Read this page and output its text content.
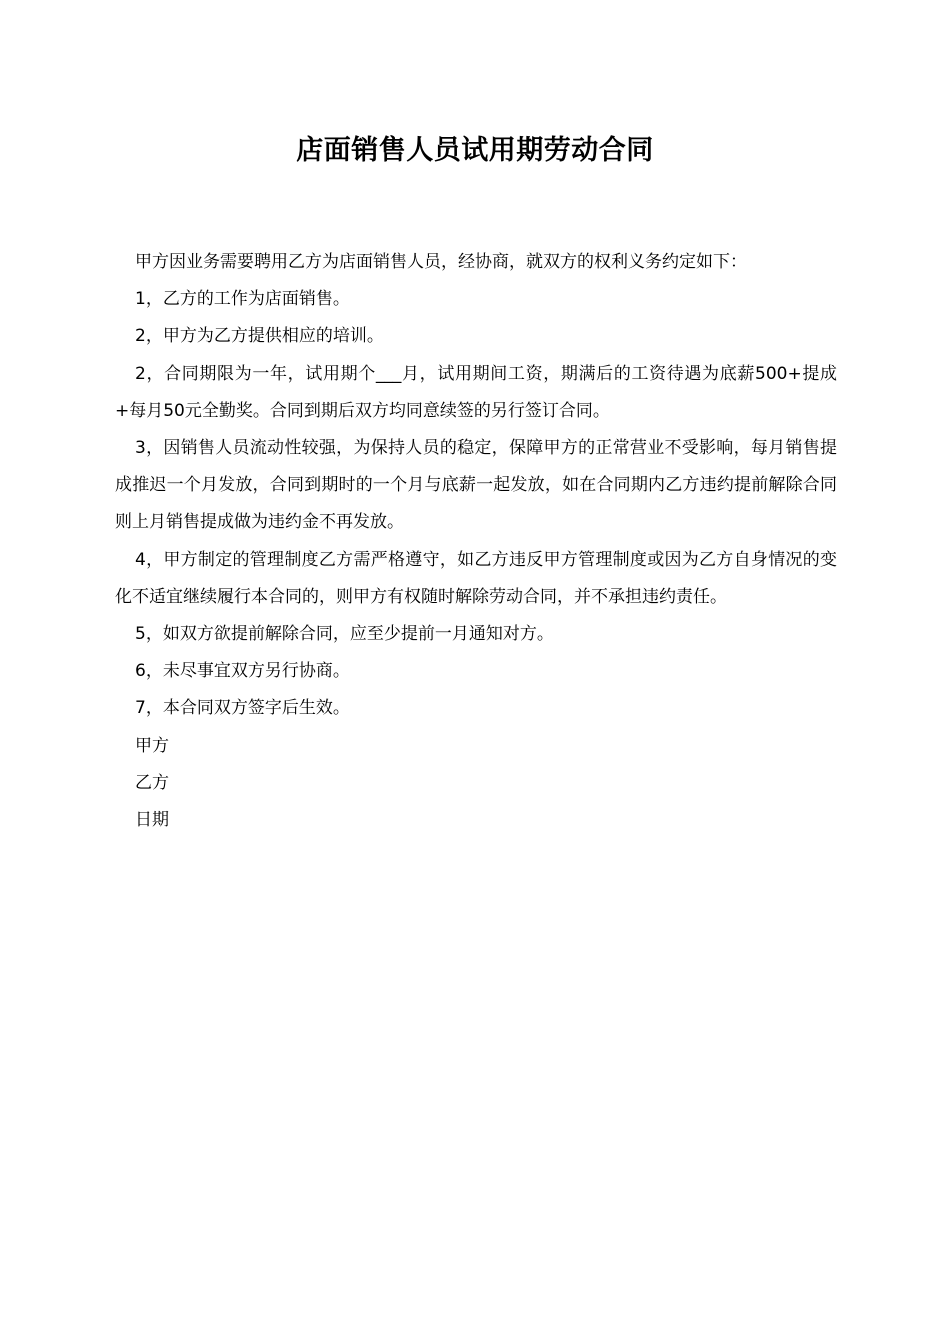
店面销售人员试用期劳动合同

甲方因业务需要聘用乙方为店面销售人员，经协商，就双方的权利义务约定如下：

1，乙方的工作为店面销售。

2，甲方为乙方提供相应的培训。

2，合同期限为一年，试用期个___月，试用期间工资，期满后的工资待遇为底薪500+提成+每月50元全勤奖。合同到期后双方均同意续签的另行签订合同。

3，因销售人员流动性较强，为保持人员的稳定，保障甲方的正常营业不受影响，每月销售提成推迟一个月发放，合同到期时的一个月与底薪一起发放，如在合同期内乙方违约提前解除合同则上月销售提成做为违约金不再发放。

4，甲方制定的管理制度乙方需严格遵守，如乙方违反甲方管理制度或因为乙方自身情况的变化不适宜继续履行本合同的，则甲方有权随时解除劳动合同，并不承担违约责任。

5，如双方欲提前解除合同，应至少提前一月通知对方。

6，未尽事宜双方另行协商。

7，本合同双方签字后生效。

甲方

乙方

日期
